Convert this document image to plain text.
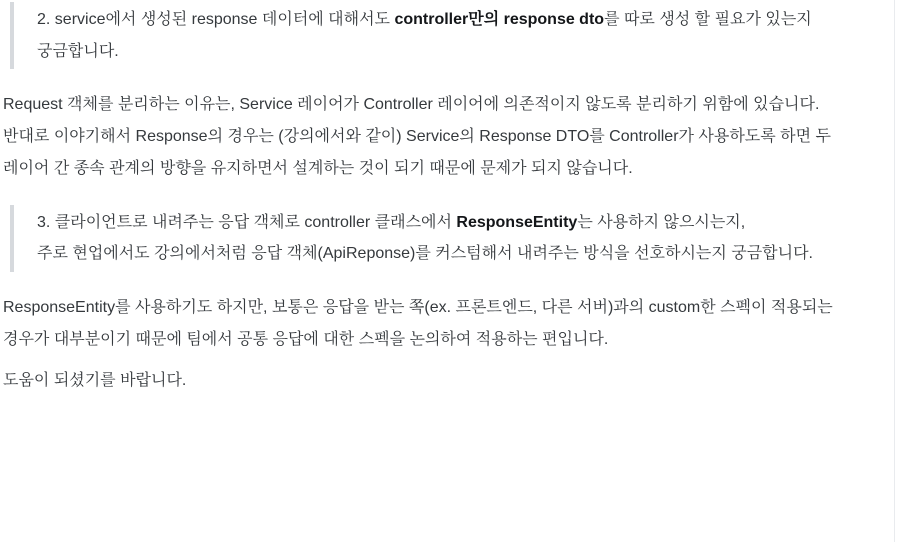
2. service에서 생성된 response 데이터에 대해서도 controller만의 response dto를 따로 생성 할 필요가 있는지 궁금합니다.

Request 객체를 분리하는 이유는, Service 레이어가 Controller 레이어에 의존적이지 않도록 분리하기 위함에 있습니다.
반대로 이야기해서 Response의 경우는 (강의에서와 같이) Service의 Response DTO를 Controller가 사용하도록 하면 두 레이어 간 종속 관계의 방향을 유지하면서 설계하는 것이 되기 때문에 문제가 되지 않습니다.

3. 클라이언트로 내려주는 응답 객체로 controller 클래스에서 ResponseEntity는 사용하지 않으시는지,
주로 현업에서도 강의에서처럼 응답 객체(ApiReponse)를 커스텀해서 내려주는 방식을 선호하시는지 궁금합니다.

ResponseEntity를 사용하기도 하지만, 보통은 응답을 받는 쪽(ex. 프론트엔드, 다른 서버)과의 custom한 스펙이 적용되는 경우가 대부분이기 때문에 팀에서 공통 응답에 대한 스펙을 논의하여 적용하는 편입니다.

도움이 되셨기를 바랍니다.
